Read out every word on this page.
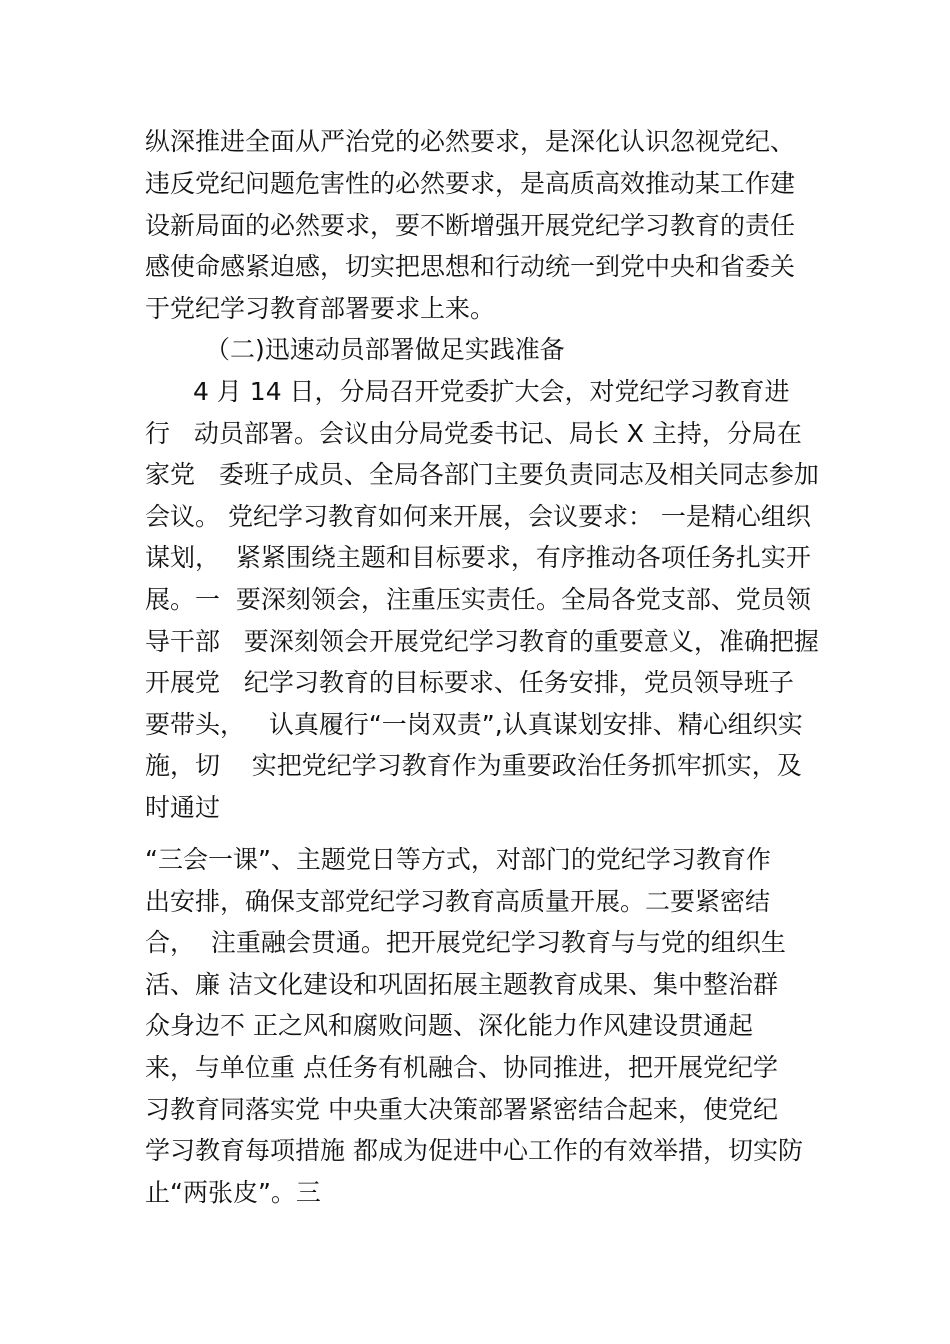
纵深推进全面从严治党的必然要求，是深化认识忽视党纪、
违反党纪问题危害性的必然要求，是高质高效推动某工作建
设新局面的必然要求，要不断增强开展党纪学习教育的责任
感使命感紧迫感，切实把思想和行动统一到党中央和省委关
于党纪学习教育部署要求上来。
（二)迅速动员部署做足实践准备
4 月 14 日，分局召开党委扩大会，对党纪学习教育进
行   动员部署。会议由分局党委书记、局长 X 主持，分局在
家党   委班子成员、全局各部门主要负责同志及相关同志参加
会议。 党纪学习教育如何来开展，会议要求： 一是精心组织
谋划，  紧紧围绕主题和目标要求，有序推动各项任务扎实开
展。一  要深刻领会，注重压实责任。全局各党支部、党员领
导干部   要深刻领会开展党纪学习教育的重要意义，准确把握
开展党   纪学习教育的目标要求、任务安排，党员领导班子
要带头，   认真履行“一岗双责”,认真谋划安排、精心组织实
施，切    实把党纪学习教育作为重要政治任务抓牢抓实，及
时通过
“三会一课”、主题党日等方式，对部门的党纪学习教育作
出安排，确保支部党纪学习教育高质量开展。二要紧密结
合，  注重融会贯通。把开展党纪学习教育与与党的组织生
活、廉 洁文化建设和巩固拓展主题教育成果、集中整治群
众身边不 正之风和腐败问题、深化能力作风建设贯通起
来，与单位重 点任务有机融合、协同推进，把开展党纪学
习教育同落实党 中央重大决策部署紧密结合起来，使党纪
学习教育每项措施 都成为促进中心工作的有效举措，切实防
止“两张皮”。三
